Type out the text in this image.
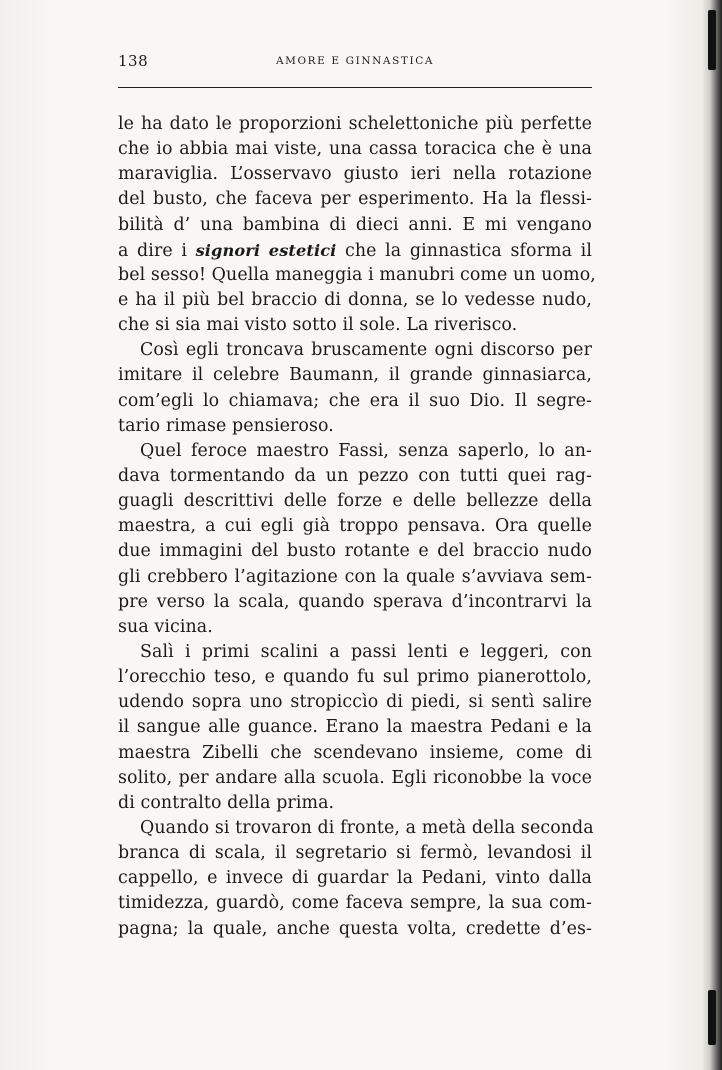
138	AMORE E GINNASTICA
le ha dato le proporzioni schelettoniche più perfette
che io abbia mai viste, una cassa toracica che è una
maraviglia. L’osservavo giusto ieri nella rotazione
del busto, che faceva per esperimento. Ha la flessi-
bilità d’ una bambina di dieci anni. E mi vengano
a dire i signori estetici che la ginnastica sforma il
bel sesso! Quella maneggia i manubri come un uomo,
e ha il più bel braccio di donna, se lo vedesse nudo,
che si sia mai visto sotto il sole. La riverisco.
Così egli troncava bruscamente ogni discorso per
imitare il celebre Baumann, il grande ginnasiarca,
com’egli lo chiamava; che era il suo Dio. Il segre-
tario rimase pensieroso.
Quel feroce maestro Fassi, senza saperlo, lo an-
dava tormentando da un pezzo con tutti quei rag-
guagli descrittivi delle forze e delle bellezze della
maestra, a cui egli già troppo pensava. Ora quelle
due immagini del busto rotante e del braccio nudo
gli crebbero l’agitazione con la quale s’avviava sem-
pre verso la scala, quando sperava d’incontrarvi la
sua vicina.
Salì i primi scalini a passi lenti e leggeri, con
l’orecchio teso, e quando fu sul primo pianerottolo,
udendo sopra uno stropiccìo di piedi, si sentì salire
il sangue alle guance. Erano la maestra Pedani e la
maestra Zibelli che scendevano insieme, come di
solito, per andare alla scuola. Egli riconobbe la voce
di contralto della prima.
Quando si trovaron di fronte, a metà della seconda
branca di scala, il segretario si fermò, levandosi il
cappello, e invece di guardar la Pedani, vinto dalla
timidezza, guardò, come faceva sempre, la sua com-
pagna; la quale, anche questa volta, credette d’es-
